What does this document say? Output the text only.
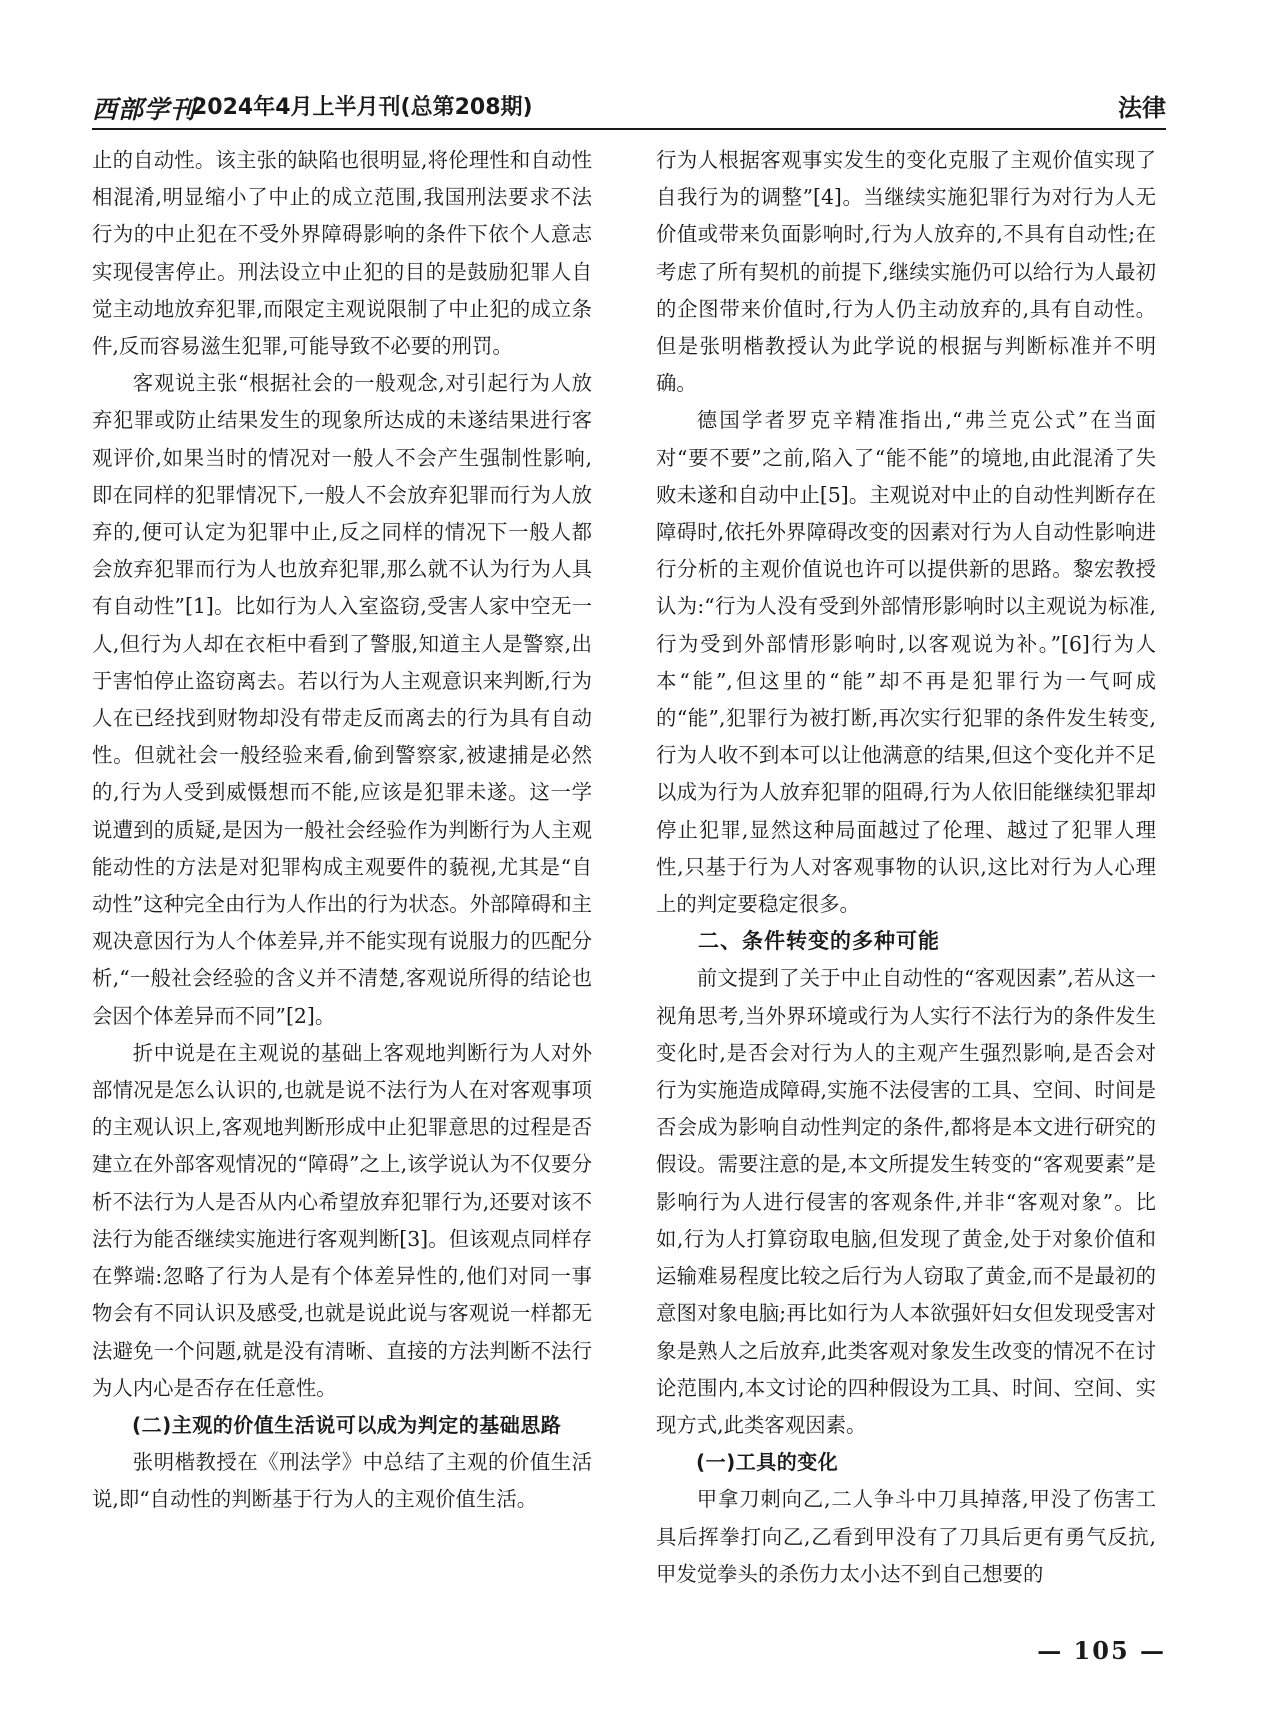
西部学刊
2024年4月上半月刊(总第208期)	法律

止的自动性。该主张的缺陷也很明显,将伦理性和自动性相混淆,明显缩小了中止的成立范围,我国刑法要求不法行为的中止犯在不受外界障碍影响的条件下依个人意志实现侵害停止。刑法设立中止犯的目的是鼓励犯罪人自觉主动地放弃犯罪,而限定主观说限制了中止犯的成立条件,反而容易滋生犯罪,可能导致不必要的刑罚。

客观说主张“根据社会的一般观念,对引起行为人放弃犯罪或防止结果发生的现象所达成的未遂结果进行客观评价,如果当时的情况对一般人不会产生强制性影响,即在同样的犯罪情况下,一般人不会放弃犯罪而行为人放弃的,便可认定为犯罪中止,反之同样的情况下一般人都会放弃犯罪而行为人也放弃犯罪,那么就不认为行为人具有自动性”[1]。比如行为人入室盗窃,受害人家中空无一人,但行为人却在衣柜中看到了警服,知道主人是警察,出于害怕停止盗窃离去。若以行为人主观意识来判断,行为人在已经找到财物却没有带走反而离去的行为具有自动性。但就社会一般经验来看,偷到警察家,被逮捕是必然的,行为人受到威慑想而不能,应该是犯罪未遂。这一学说遭到的质疑,是因为一般社会经验作为判断行为人主观能动性的方法是对犯罪构成主观要件的藐视,尤其是“自动性”这种完全由行为人作出的行为状态。外部障碍和主观决意因行为人个体差异,并不能实现有说服力的匹配分析,“一般社会经验的含义并不清楚,客观说所得的结论也会因个体差异而不同”[2]。

折中说是在主观说的基础上客观地判断行为人对外部情况是怎么认识的,也就是说不法行为人在对客观事项的主观认识上,客观地判断形成中止犯罪意思的过程是否建立在外部客观情况的“障碍”之上,该学说认为不仅要分析不法行为人是否从内心希望放弃犯罪行为,还要对该不法行为能否继续实施进行客观判断[3]。但该观点同样存在弊端:忽略了行为人是有个体差异性的,他们对同一事物会有不同认识及感受,也就是说此说与客观说一样都无法避免一个问题,就是没有清晰、直接的方法判断不法行为人内心是否存在任意性。

(二)主观的价值生活说可以成为判定的基础思路

张明楷教授在《刑法学》中总结了主观的价值生活说,即“自动性的判断基于行为人的主观价值生活。

行为人根据客观事实发生的变化克服了主观价值实现了自我行为的调整”[4]。当继续实施犯罪行为对行为人无价值或带来负面影响时,行为人放弃的,不具有自动性;在考虑了所有契机的前提下,继续实施仍可以给行为人最初的企图带来价值时,行为人仍主动放弃的,具有自动性。但是张明楷教授认为此学说的根据与判断标准并不明确。

德国学者罗克辛精准指出,“弗兰克公式”在当面对“要不要”之前,陷入了“能不能”的境地,由此混淆了失败未遂和自动中止[5]。主观说对中止的自动性判断存在障碍时,依托外界障碍改变的因素对行为人自动性影响进行分析的主观价值说也许可以提供新的思路。黎宏教授认为:“行为人没有受到外部情形影响时以主观说为标准,行为受到外部情形影响时,以客观说为补。”[6]行为人本“能”,但这里的“能”却不再是犯罪行为一气呵成的“能”,犯罪行为被打断,再次实行犯罪的条件发生转变,行为人收不到本可以让他满意的结果,但这个变化并不足以成为行为人放弃犯罪的阻碍,行为人依旧能继续犯罪却停止犯罪,显然这种局面越过了伦理、越过了犯罪人理性,只基于行为人对客观事物的认识,这比对行为人心理上的判定要稳定很多。

二、条件转变的多种可能

前文提到了关于中止自动性的“客观因素”,若从这一视角思考,当外界环境或行为人实行不法行为的条件发生变化时,是否会对行为人的主观产生强烈影响,是否会对行为实施造成障碍,实施不法侵害的工具、空间、时间是否会成为影响自动性判定的条件,都将是本文进行研究的假设。需要注意的是,本文所提发生转变的“客观要素”是影响行为人进行侵害的客观条件,并非“客观对象”。比如,行为人打算窃取电脑,但发现了黄金,处于对象价值和运输难易程度比较之后行为人窃取了黄金,而不是最初的意图对象电脑;再比如行为人本欲强奸妇女但发现受害对象是熟人之后放弃,此类客观对象发生改变的情况不在讨论范围内,本文讨论的四种假设为工具、时间、空间、实现方式,此类客观因素。

(一)工具的变化

甲拿刀刺向乙,二人争斗中刀具掉落,甲没了伤害工具后挥拳打向乙,乙看到甲没有了刀具后更有勇气反抗,甲发觉拳头的杀伤力太小达不到自己想要的

— 105 —
